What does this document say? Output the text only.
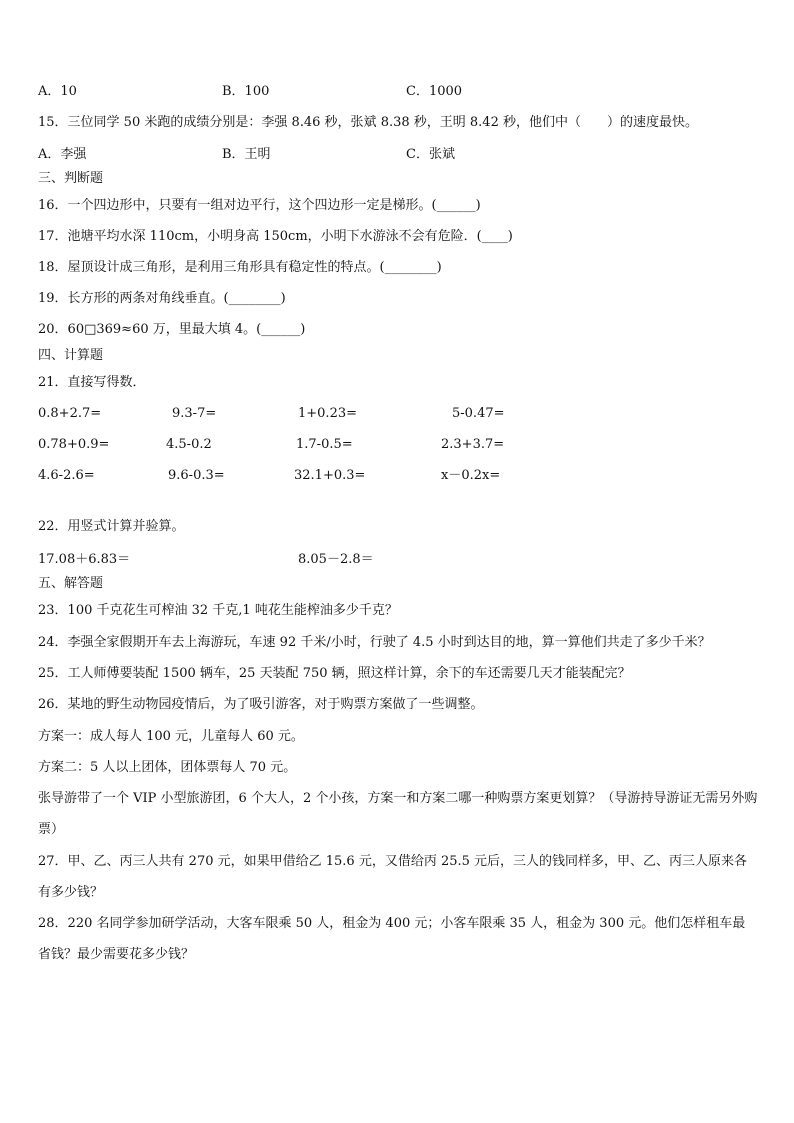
A．10	B．100	C．1000
15．三位同学 50 米跑的成绩分别是：李强 8.46 秒，张斌 8.38 秒，王明 8.42 秒，他们中（　　）的速度最快。
A．李强	B．王明	C．张斌
三、判断题
16．一个四边形中，只要有一组对边平行，这个四边形一定是梯形。(______)
17．池塘平均水深 110cm，小明身高 150cm，小明下水游泳不会有危险．(____)
18．屋顶设计成三角形，是利用三角形具有稳定性的特点。(________)
19．长方形的两条对角线垂直。(________)
20．60□369≈60 万，里最大填 4。(______)
四、计算题
21．直接写得数．
0.8+2.7=	9.3-7=	1+0.23=	5-0.47=
0.78+0.9=	4.5-0.2	1.7-0.5=	2.3+3.7=
4.6-2.6=	9.6-0.3=	32.1+0.3=	x－0.2x=
22．用竖式计算并验算。
17.08＋6.83＝	8.05－2.8＝
五、解答题
23．100 千克花生可榨油 32 千克,1 吨花生能榨油多少千克？
24．李强全家假期开车去上海游玩，车速 92 千米/小时，行驶了 4.5 小时到达目的地，算一算他们共走了多少千米？
25．工人师傅要装配 1500 辆车，25 天装配 750 辆，照这样计算，余下的车还需要几天才能装配完？
26．某地的野生动物园疫情后，为了吸引游客，对于购票方案做了一些调整。
方案一：成人每人 100 元，儿童每人 60 元。
方案二：5 人以上团体，团体票每人 70 元。
张导游带了一个 VIP 小型旅游团，6 个大人，2 个小孩，方案一和方案二哪一种购票方案更划算？（导游持导游证无需另外购票）
27．甲、乙、丙三人共有 270 元，如果甲借给乙 15.6 元，又借给丙 25.5 元后，三人的钱同样多，甲、乙、丙三人原来各有多少钱？
28．220 名同学参加研学活动，大客车限乘 50 人，租金为 400 元；小客车限乘 35 人，租金为 300 元。他们怎样租车最省钱？最少需要花多少钱？
